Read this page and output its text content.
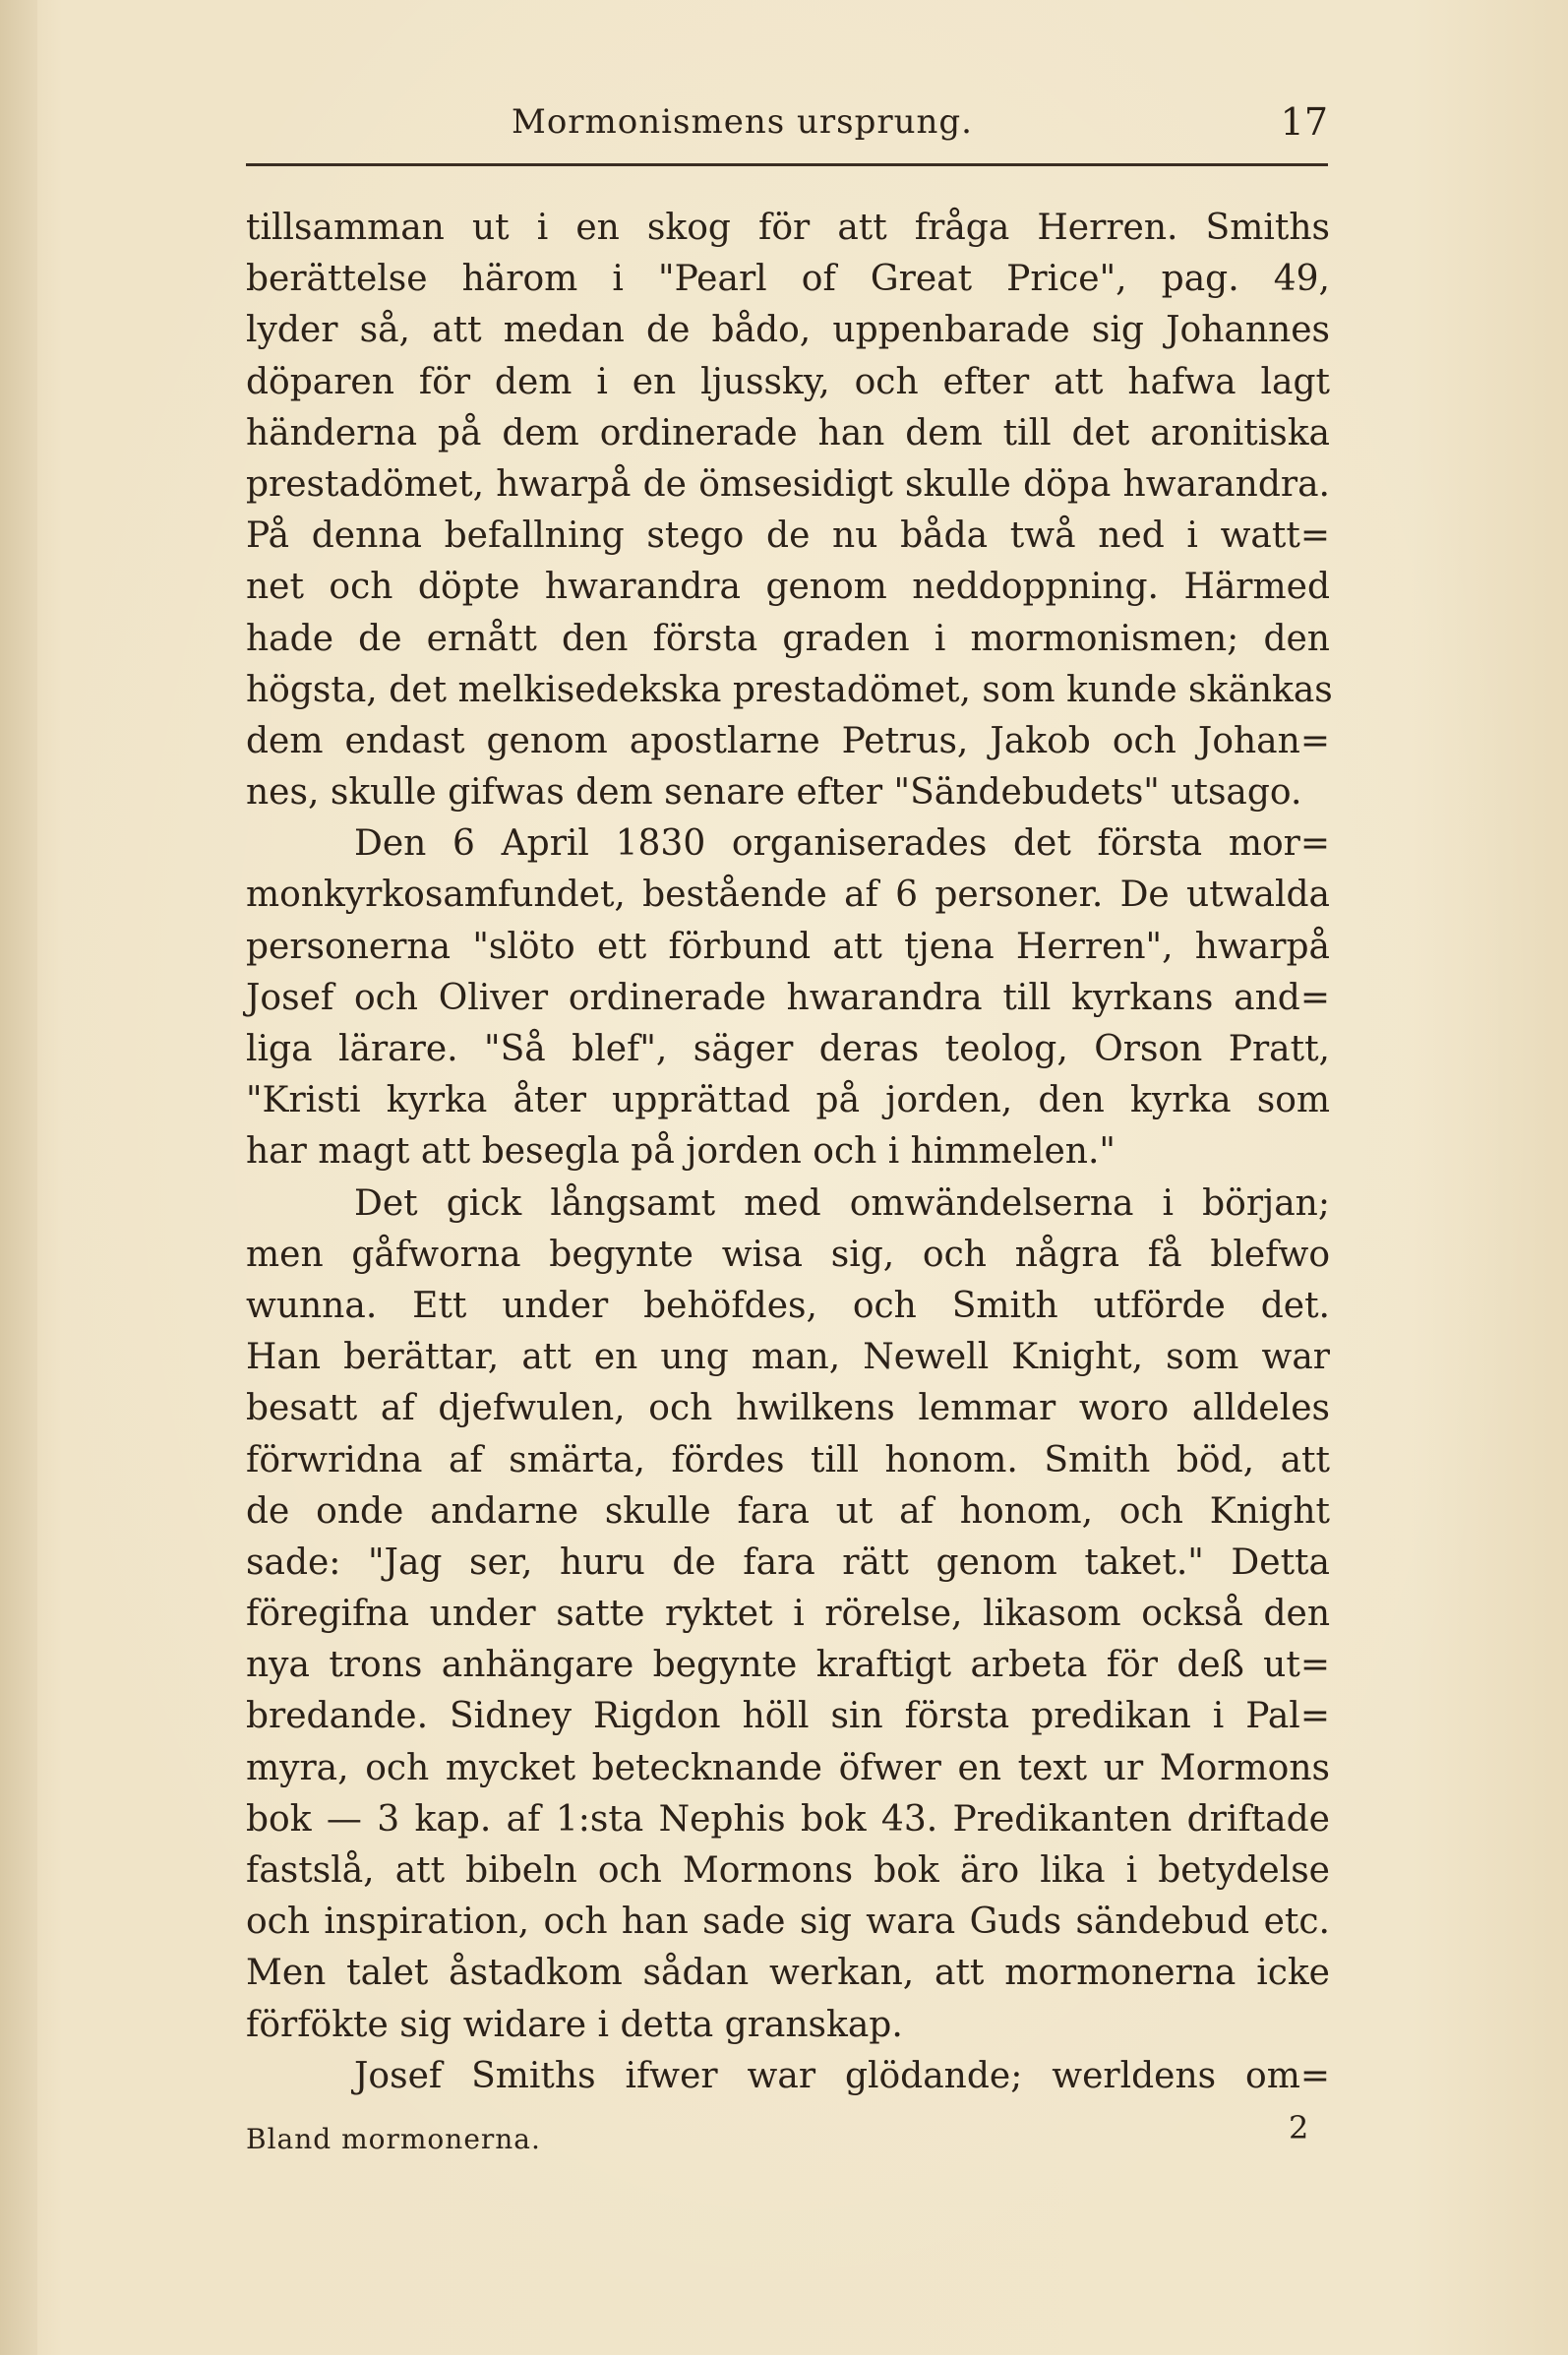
Mormonismens ursprung.	17
tillsamman ut i en skog för att fråga Herren. Smiths
berättelse härom i "Pearl of Great Price", pag. 49,
lyder så, att medan de bådo, uppenbarade sig Johannes
döparen för dem i en ljussky, och efter att hafwa lagt
händerna på dem ordinerade han dem till det aronitiska
prestadömet, hwarpå de ömsesidigt skulle döpa hwarandra.
På denna befallning stego de nu båda twå ned i watt=
net och döpte hwarandra genom neddoppning. Härmed
hade de ernått den första graden i mormonismen; den
högsta, det melkisedekska prestadömet, som kunde skänkas
dem endast genom apostlarne Petrus, Jakob och Johan=
nes, skulle gifwas dem senare efter "Sändebudets" utsago.
Den 6 April 1830 organiserades det första mor=
monkyrkosamfundet, bestående af 6 personer. De utwalda
personerna "slöto ett förbund att tjena Herren", hwarpå
Josef och Oliver ordinerade hwarandra till kyrkans and=
liga lärare. "Så blef", säger deras teolog, Orson Pratt,
"Kristi kyrka åter upprättad på jorden, den kyrka som
har magt att besegla på jorden och i himmelen."
Det gick långsamt med omwändelserna i början;
men gåfworna begynte wisa sig, och några få blefwo
wunna. Ett under behöfdes, och Smith utförde det.
Han berättar, att en ung man, Newell Knight, som war
besatt af djefwulen, och hwilkens lemmar woro alldeles
förwridna af smärta, fördes till honom. Smith böd, att
de onde andarne skulle fara ut af honom, och Knight
sade: "Jag ser, huru de fara rätt genom taket." Detta
föregifna under satte ryktet i rörelse, likasom också den
nya trons anhängare begynte kraftigt arbeta för deß ut=
bredande. Sidney Rigdon höll sin första predikan i Pal=
myra, och mycket betecknande öfwer en text ur Mormons
bok — 3 kap. af 1:sta Nephis bok 43. Predikanten driftade
fastslå, att bibeln och Mormons bok äro lika i betydelse
och inspiration, och han sade sig wara Guds sändebud etc.
Men talet åstadkom sådan werkan, att mormonerna icke
förfökte sig widare i detta granskap.
Josef Smiths ifwer war glödande; werldens om=
Bland mormonerna.	2
